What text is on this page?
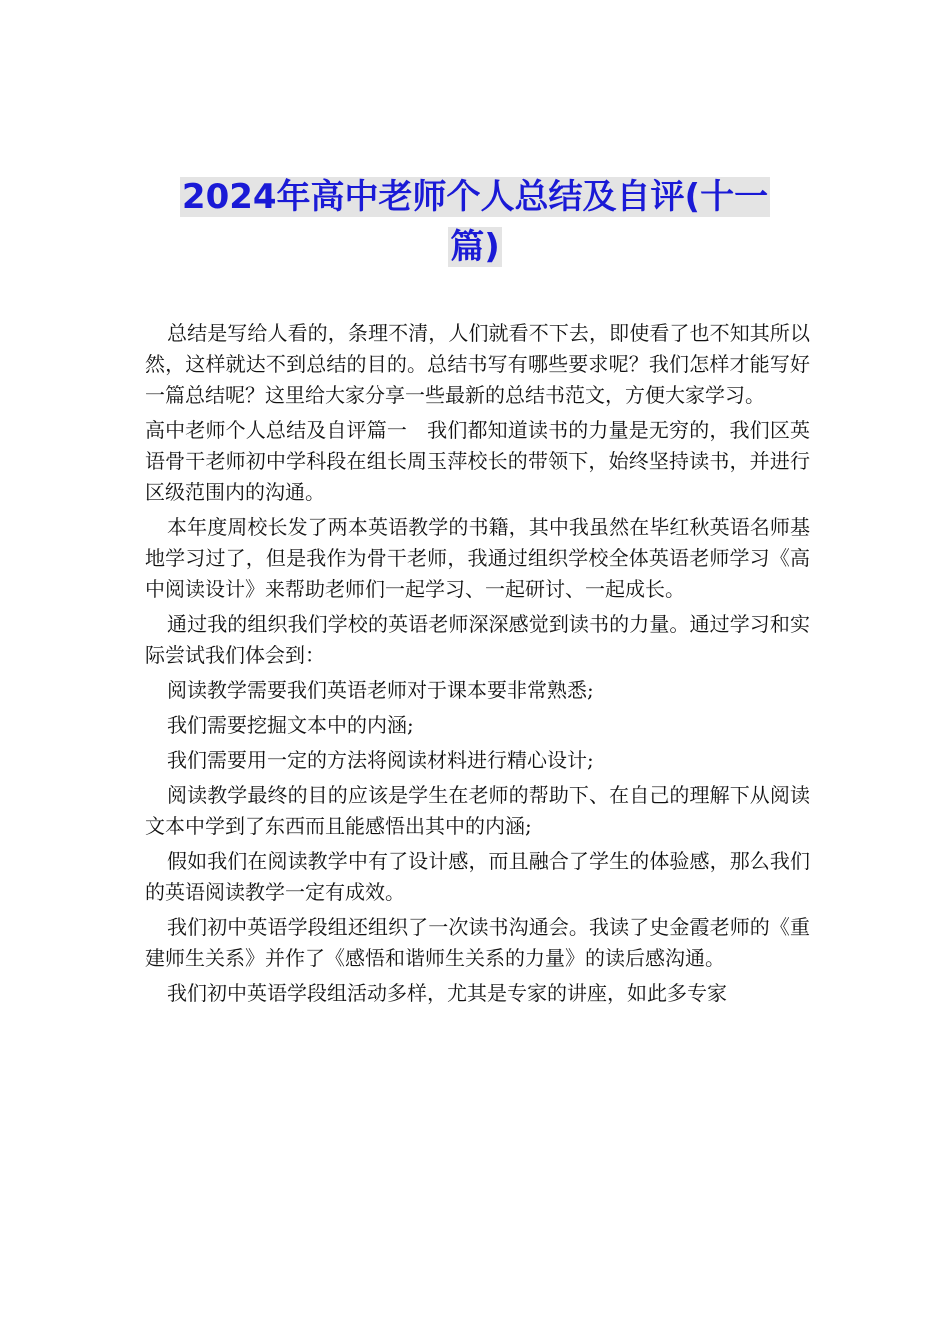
2024年高中老师个人总结及自评(十一
篇)

总结是写给人看的，条理不清，人们就看不下去，即使看了也不知其所以然，这样就达不到总结的目的。总结书写有哪些要求呢？我们怎样才能写好一篇总结呢？这里给大家分享一些最新的总结书范文，方便大家学习。

高中老师个人总结及自评篇一　我们都知道读书的力量是无穷的，我们区英语骨干老师初中学科段在组长周玉萍校长的带领下，始终坚持读书，并进行区级范围内的沟通。

本年度周校长发了两本英语教学的书籍，其中我虽然在毕红秋英语名师基地学习过了，但是我作为骨干老师，我通过组织学校全体英语老师学习《高中阅读设计》来帮助老师们一起学习、一起研讨、一起成长。

通过我的组织我们学校的英语老师深深感觉到读书的力量。通过学习和实际尝试我们体会到：

阅读教学需要我们英语老师对于课本要非常熟悉;

我们需要挖掘文本中的内涵;

我们需要用一定的方法将阅读材料进行精心设计;

阅读教学最终的目的应该是学生在老师的帮助下、在自己的理解下从阅读文本中学到了东西而且能感悟出其中的内涵;

假如我们在阅读教学中有了设计感，而且融合了学生的体验感，那么我们的英语阅读教学一定有成效。

我们初中英语学段组还组织了一次读书沟通会。我读了史金霞老师的《重建师生关系》并作了《感悟和谐师生关系的力量》的读后感沟通。

我们初中英语学段组活动多样，尤其是专家的讲座，如此多专家
